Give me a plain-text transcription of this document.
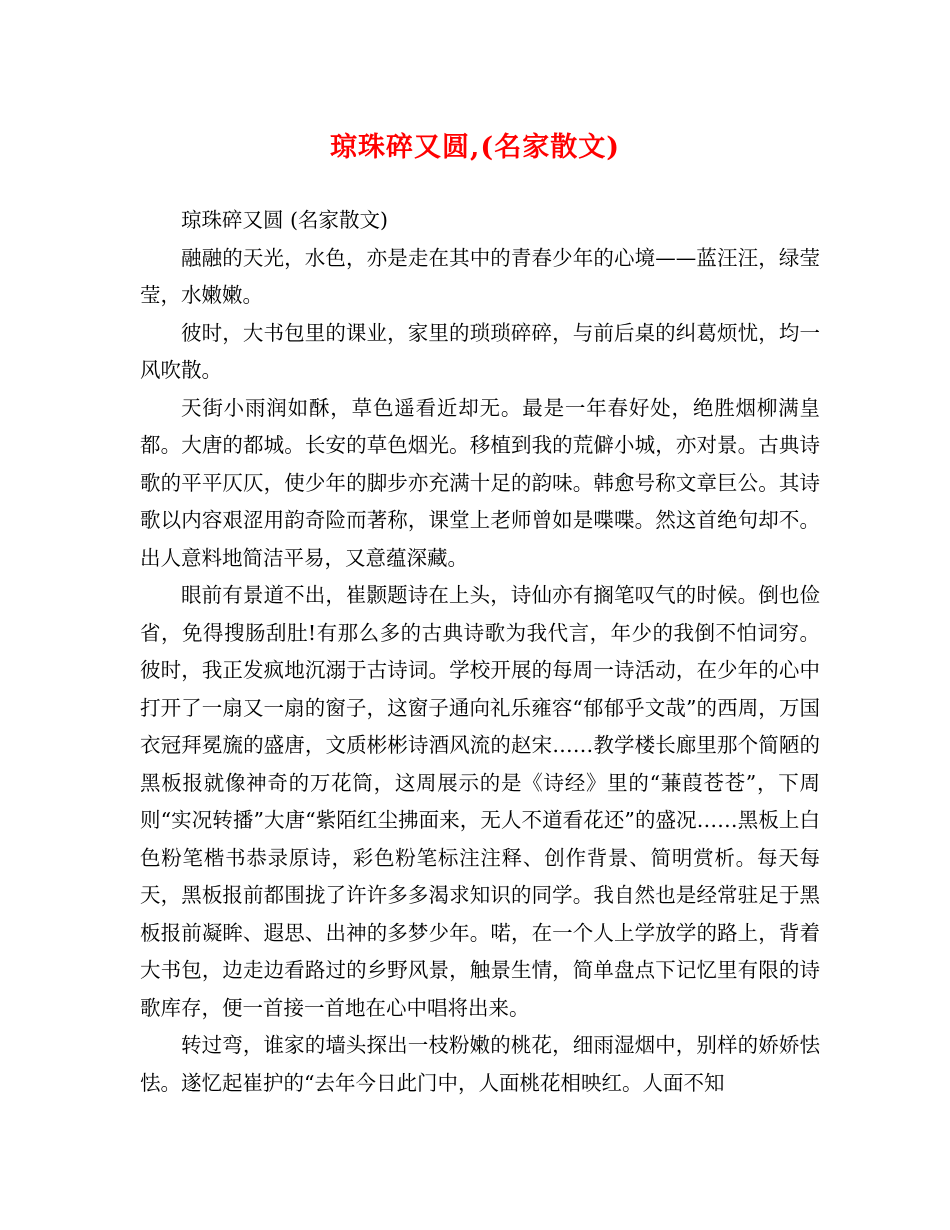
琼珠碎又圆,(名家散文)

琼珠碎又圆 (名家散文)

融融的天光，水色，亦是走在其中的青春少年的心境——蓝汪汪，绿莹莹，水嫩嫩。

彼时，大书包里的课业，家里的琐琐碎碎，与前后桌的纠葛烦忧，均一风吹散。

天街小雨润如酥，草色遥看近却无。最是一年春好处，绝胜烟柳满皇都。大唐的都城。长安的草色烟光。移植到我的荒僻小城，亦对景。古典诗歌的平平仄仄，使少年的脚步亦充满十足的韵味。韩愈号称文章巨公。其诗歌以内容艰涩用韵奇险而著称，课堂上老师曾如是喋喋。然这首绝句却不。出人意料地简洁平易，又意蕴深藏。

眼前有景道不出，崔颢题诗在上头，诗仙亦有搁笔叹气的时候。倒也俭省，免得搜肠刮肚!有那么多的古典诗歌为我代言，年少的我倒不怕词穷。彼时，我正发疯地沉溺于古诗词。学校开展的每周一诗活动，在少年的心中打开了一扇又一扇的窗子，这窗子通向礼乐雍容“郁郁乎文哉”的西周，万国衣冠拜冕旒的盛唐，文质彬彬诗酒风流的赵宋……教学楼长廊里那个简陋的黑板报就像神奇的万花筒，这周展示的是《诗经》里的“蒹葭苍苍”，下周则“实况转播”大唐“紫陌红尘拂面来，无人不道看花还”的盛况……黑板上白色粉笔楷书恭录原诗，彩色粉笔标注注释、创作背景、简明赏析。每天每天，黑板报前都围拢了许许多多渴求知识的同学。我自然也是经常驻足于黑板报前凝眸、遐思、出神的多梦少年。喏，在一个人上学放学的路上，背着大书包，边走边看路过的乡野风景，触景生情，简单盘点下记忆里有限的诗歌库存，便一首接一首地在心中唱将出来。

转过弯，谁家的墙头探出一枝粉嫩的桃花，细雨湿烟中，别样的娇娇怯怯。遂忆起崔护的“去年今日此门中，人面桃花相映红。人面不知
